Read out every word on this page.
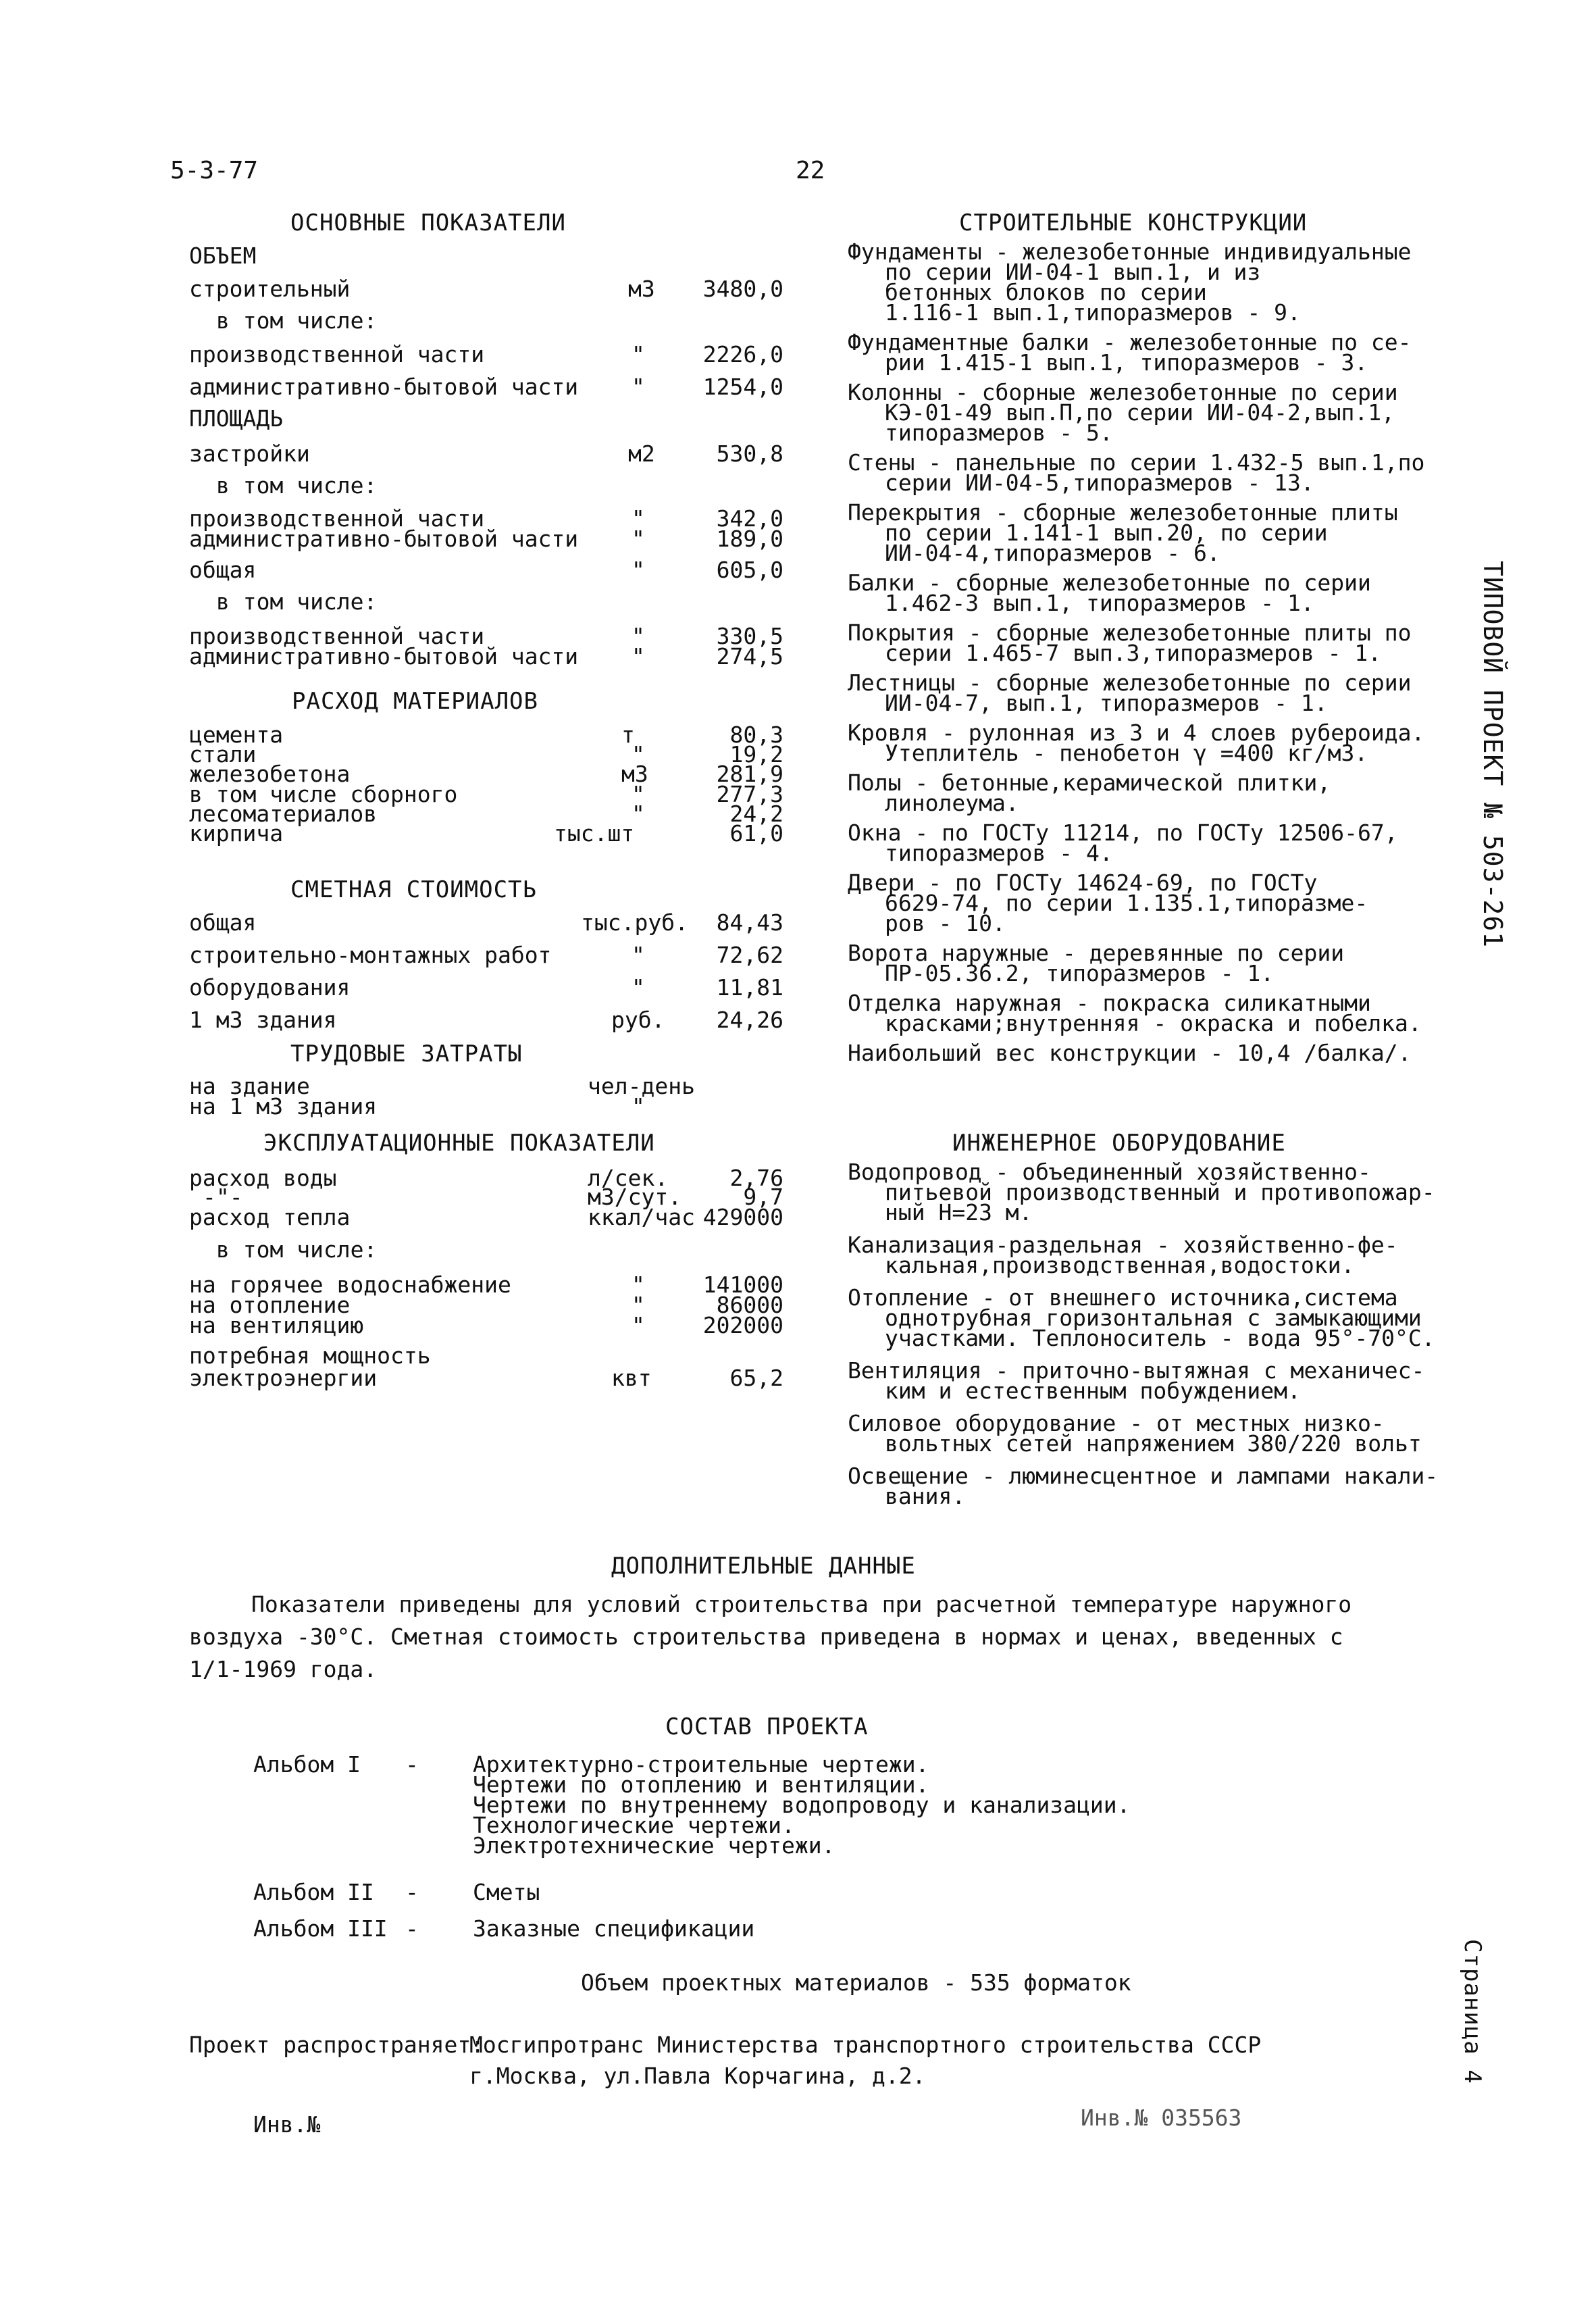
5-3-77	22
ОСНОВНЫЕ ПОКАЗАТЕЛИ
ОБЪЕМ
строительный	м3 3480,0
в том числе:
производственной части	"	2226,0
административно-бытовой части "	1254,0
ПЛОЩАДЬ
застройки	м2	530,8
в том числе:
производственной части	"	342,0
административно-бытовой части "	189,0
общая	"	605,0
в том числе:
производственной части	"	330,5
административно-бытовой части "	274,5
РАСХОД МАТЕРИАЛОВ
цемента	т	80,3
стали	"	19,2
железобетона	м3	281,9
в том числе сборного	"	277,3
лесоматериалов	"	24,2
кирпича	тыс.шт	61,0
СМЕТНАЯ СТОИМОСТЬ
общая	тыс.руб.	84,43
строительно-монтажных работ	"	72,62
оборудования	"	11,81
1 м3 здания	руб.	24,26
ТРУДОВЫЕ ЗАТРАТЫ
на здание	чел-день
на 1 м3 здания	"
ЭКСПЛУАТАЦИОННЫЕ ПОКАЗАТЕЛИ
расход воды	л/сек.	2,76
-"-	м3/сут.	9,7
расход тепла	ккал/час 429000
в том числе:
на горячее водоснабжение	"	141000
на отопление	"	86000
на вентиляцию	"	202000
потребная мощность
электроэнергии	квт	65,2
СТРОИТЕЛЬНЫЕ КОНСТРУКЦИИ
Фундаменты - железобетонные индивидуальные
по серии ИИ-04-1 вып.1, и из
бетонных блоков по серии
1.116-1 вып.1,типоразмеров - 9.
Фундаментные балки - железобетонные по се-
рии 1.415-1 вып.1, типоразмеров - 3.
Колонны - сборные железобетонные по серии
КЭ-01-49 вып.П,по серии ИИ-04-2,вып.1,
типоразмеров - 5.
Стены - панельные по серии 1.432-5 вып.1,по
серии ИИ-04-5,типоразмеров - 13.
Перекрытия - сборные железобетонные плиты
по серии 1.141-1 вып.20, по серии
ИИ-04-4,типоразмеров - 6.
Балки - сборные железобетонные по серии
1.462-3 вып.1, типоразмеров - 1.
Покрытия - сборные железобетонные плиты по
серии 1.465-7 вып.3,типоразмеров - 1.
Лестницы - сборные железобетонные по серии
ИИ-04-7, вып.1, типоразмеров - 1.
Кровля - рулонная из 3 и 4 слоев рубероида.
Утеплитель - пенобетон γ =400 кг/м3.
Полы - бетонные,керамической плитки,
линолеума.
Окна - по ГОСТу 11214, по ГОСТу 12506-67,
типоразмеров - 4.
Двери - по ГОСТу 14624-69, по ГОСТу
6629-74, по серии 1.135.1,типоразме-
ров - 10.
Ворота наружные - деревянные по серии
ПР-05.36.2, типоразмеров - 1.
Отделка наружная - покраска силикатными
красками;внутренняя - окраска и побелка.
Наибольший вес конструкции - 10,4 /балка/.
ИНЖЕНЕРНОЕ ОБОРУДОВАНИЕ
Водопровод - объединенный хозяйственно-
питьевой производственный и противопожар-
ный Н=23 м.
Канализация-раздельная - хозяйственно-фе-
кальная,производственная,водостоки.
Отопление - от внешнего источника,система
однотрубная горизонтальная с замыкающими
участками. Теплоноситель - вода 95°-70°С.
Вентиляция - приточно-вытяжная с механичес-
ким и естественным побуждением.
Силовое оборудование - от местных низко-
вольтных сетей напряжением 380/220 вольт
Освещение - люминесцентное и лампами накали-
вания.
ДОПОЛНИТЕЛЬНЫЕ ДАННЫЕ
Показатели приведены для условий строительства при расчетной температуре наружного
воздуха -30°С. Сметная стоимость строительства приведена в нормах и ценах, введенных с
1/1-1969 года.
СОСТАВ ПРОЕКТА
Альбом I - Архитектурно-строительные чертежи.
Чертежи по отоплению и вентиляции.
Чертежи по внутреннему водопроводу и канализации.
Технологические чертежи.
Электротехнические чертежи.
Альбом II - Сметы
Альбом III - Заказные спецификации
Объем проектных материалов - 535 форматок
Проект распространяет:
Мосгипротранс Министерства транспортного строительства СССР
г.Москва, ул.Павла Корчагина, д.2.
Инв.№	Инв.№ 035563
ТИПОВОЙ ПРОЕКТ № 503-261
Страница 4
